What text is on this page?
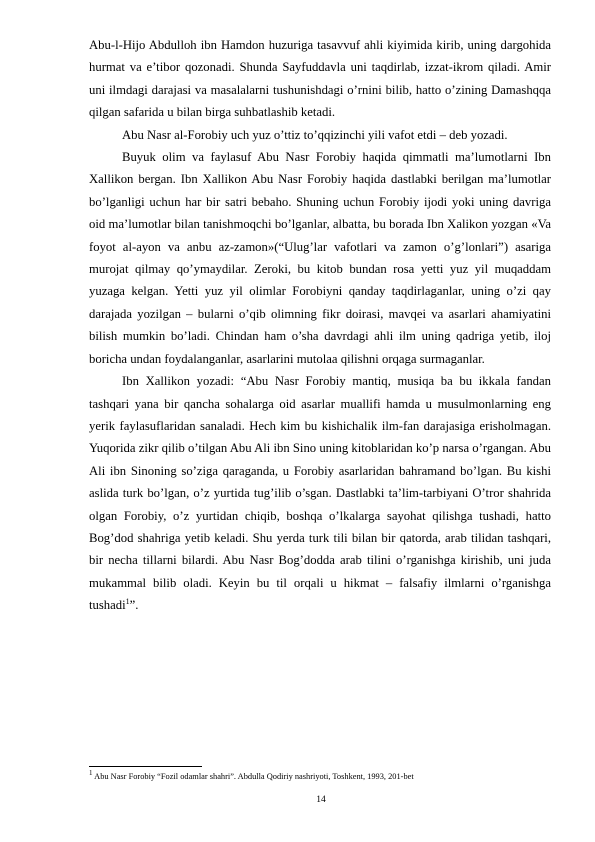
Abu-l-Hijo Abdulloh ibn Hamdon huzuriga tasavvuf ahli kiyimida kirib, uning dargohida hurmat va e’tibor qozonadi. Shunda Sayfuddavla uni taqdirlab, izzat-ikrom qiladi. Amir uni ilmdagi darajasi va masalalarni tushunishdagi o’rnini bilib, hatto o’zining Damashqqa qilgan safarida u bilan birga suhbatlashib ketadi.

Abu Nasr al-Forobiy uch yuz o’ttiz to’qqizinchi yili vafot etdi – deb yozadi.

Buyuk olim va faylasuf Abu Nasr Forobiy haqida qimmatli ma’lumotlarni Ibn Xallikon bergan. Ibn Xallikon Abu Nasr Forobiy haqida dastlabki berilgan ma’lumotlar bo’lganligi uchun har bir satri bebaho. Shuning uchun Forobiy ijodi yoki uning davriga oid ma’lumotlar bilan tanishmoqchi bo’lganlar, albatta, bu borada Ibn Xalikon yozgan «Va foyot al-ayon va anbu az-zamon»(“Ulug’lar vafotlari va zamon o’g’lonlari”) asariga murojat qilmay qo’ymaydilar. Zeroki, bu kitob bundan rosa yetti yuz yil muqaddam yuzaga kelgan. Yetti yuz yil olimlar Forobiyni qanday taqdirlaganlar, uning o’zi qay darajada yozilgan – bularni o’qib olimning fikr doirasi, mavqei va asarlari ahamiyatini bilish mumkin bo’ladi. Chindan ham o’sha davrdagi ahli ilm uning qadriga yetib, iloj boricha undan foydalanganlar, asarlarini mutolaa qilishni orqaga surmaganlar.

Ibn Xallikon yozadi: “Abu Nasr Forobiy mantiq, musiqa ba bu ikkala fandan tashqari yana bir qancha sohalarga oid asarlar muallifi hamda u musulmonlarning eng yerik faylasuflaridan sanaladi. Hech kim bu kishichalik ilm-fan darajasiga erisholmagan. Yuqorida zikr qilib o’tilgan Abu Ali ibn Sino uning kitoblaridan ko’p narsa o’rgangan. Abu Ali ibn Sinoning so’ziga qaraganda, u Forobiy asarlaridan bahramand bo’lgan. Bu kishi aslida turk bo’lgan, o’z yurtida tug’ilib o’sgan. Dastlabki ta’lim-tarbiyani O’tror shahrida olgan Forobiy, o’z yurtidan chiqib, boshqa o’lkalarga sayohat qilishga tushadi, hatto Bog’dod shahriga yetib keladi. Shu yerda turk tili bilan bir qatorda, arab tilidan tashqari, bir necha tillarni bilardi. Abu Nasr Bog’dodda arab tilini o’rganishga kirishib, uni juda mukammal bilib oladi. Keyin bu til orqali u hikmat – falsafiy ilmlarni o’rganishga tushadi$^1$”.

$^1$ Abu Nasr Forobiy “Fozil odamlar shahri”. Abdulla Qodiriy nashriyoti, Toshkent, 1993, 201-bet
14
